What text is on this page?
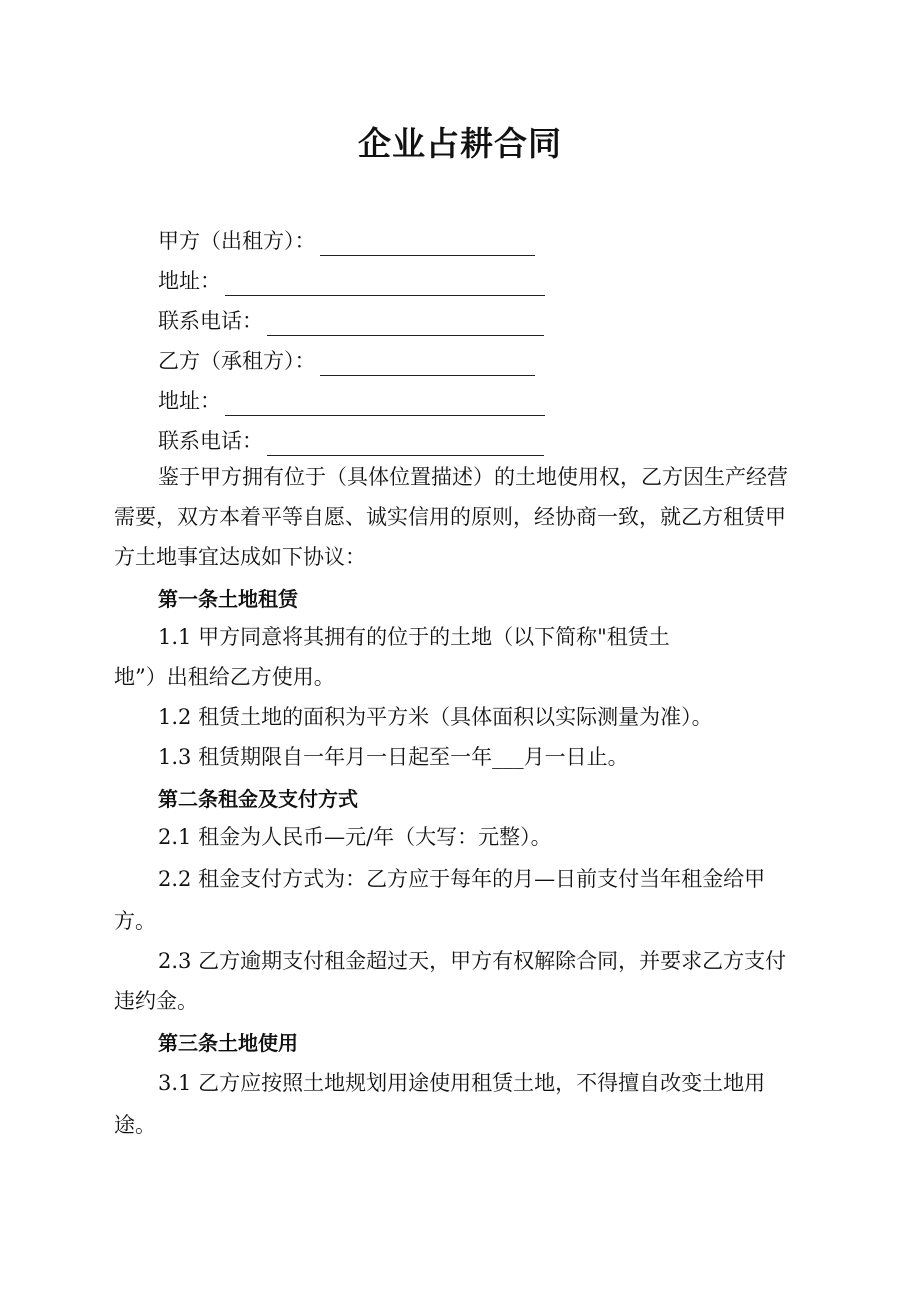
企业占耕合同
甲方（出租方）：
地址：
联系电话：
乙方（承租方）：
地址：
联系电话：
鉴于甲方拥有位于（具体位置描述）的土地使用权，乙方因生产经营
需要，双方本着平等自愿、诚实信用的原则，经协商一致，就乙方租赁甲
方土地事宜达成如下协议：
第一条土地租赁
1.1 甲方同意将其拥有的位于的土地（以下简称"租赁土
地”）出租给乙方使用。
1.2 租赁土地的面积为平方米（具体面积以实际测量为准）。
1.3 租赁期限自一年月一日起至一年___月一日止。
第二条租金及支付方式
2.1 租金为人民币—元/年（大写：元整）。
2.2 租金支付方式为：乙方应于每年的月—日前支付当年租金给甲
方。
2.3 乙方逾期支付租金超过天，甲方有权解除合同，并要求乙方支付
违约金。
第三条土地使用
3.1 乙方应按照土地规划用途使用租赁土地，不得擅自改变土地用
途。
